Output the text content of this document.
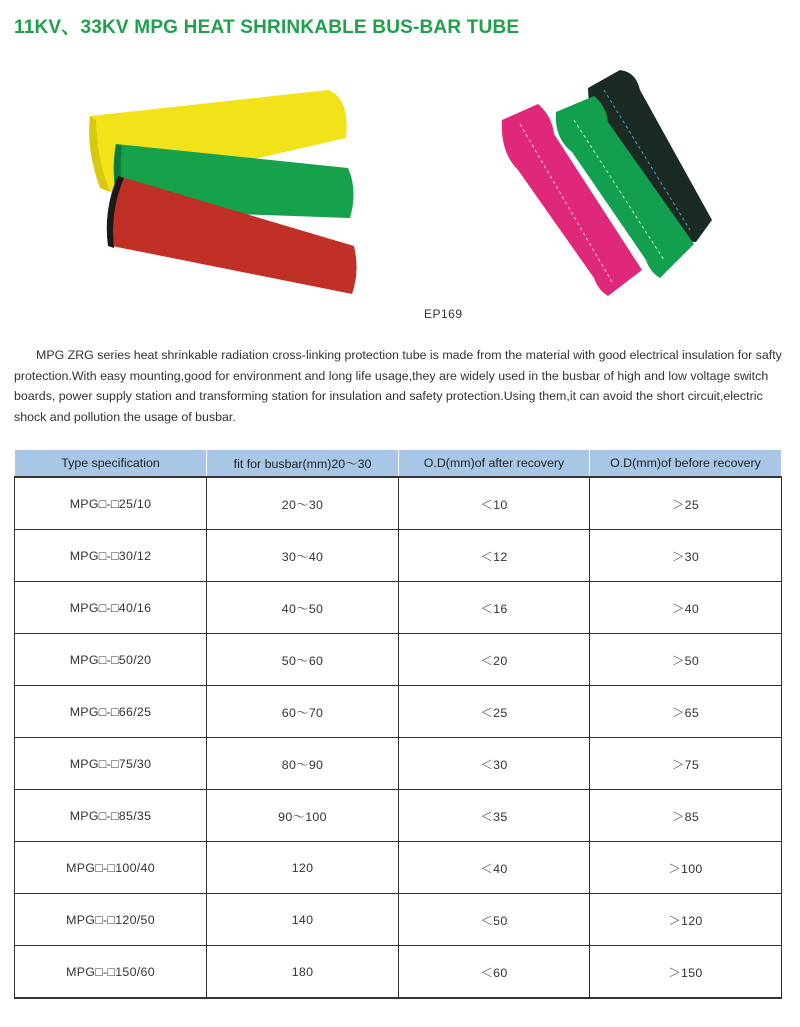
11KV、33KV MPG HEAT SHRINKABLE BUS-BAR TUBE
EP169

MPG ZRG series heat shrinkable radiation cross-linking protection tube is made from the material with good electrical insulation for safty protection.With easy mounting,good for environment and long life usage,they are widely used in the busbar of high and low voltage switch boards, power supply station and transforming station for insulation and safety protection.Using them,it can avoid the short circuit,electric shock and pollution the usage of busbar.

Type specification	fit for busbar(mm)20～30	O.D(mm)of after recovery	O.D(mm)of before recovery
MPG□-□25/10	20～30	＜10	＞25
MPG□-□30/12	30～40	＜12	＞30
MPG□-□40/16	40～50	＜16	＞40
MPG□-□50/20	50～60	＜20	＞50
MPG□-□66/25	60～70	＜25	＞65
MPG□-□75/30	80～90	＜30	＞75
MPG□-□85/35	90～100	＜35	＞85
MPG□-□100/40	120	＜40	＞100
MPG□-□120/50	140	＜50	＞120
MPG□-□150/60	180	＜60	＞150
